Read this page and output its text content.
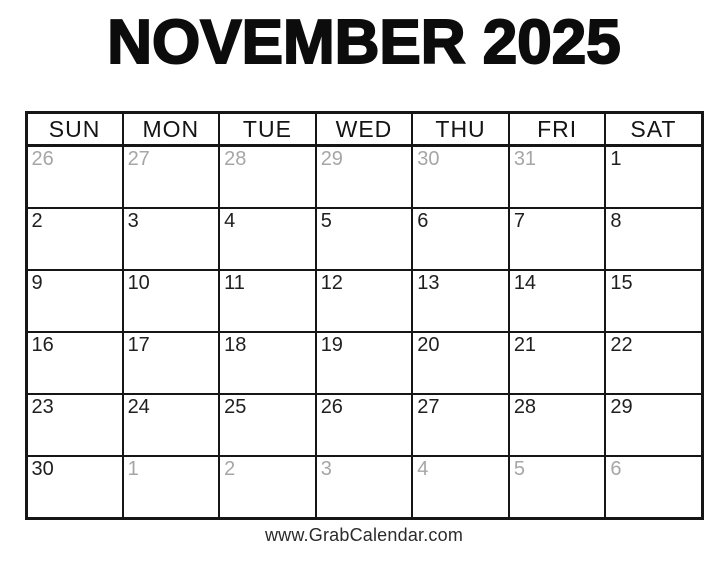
NOVEMBER 2025
SUN	MON	TUE	WED	THU	FRI	SAT
26	27	28	29	30	31	1
2	3	4	5	6	7	8
9	10	11	12	13	14	15
16	17	18	19	20	21	22
23	24	25	26	27	28	29
30	1	2	3	4	5	6
www.GrabCalendar.com
